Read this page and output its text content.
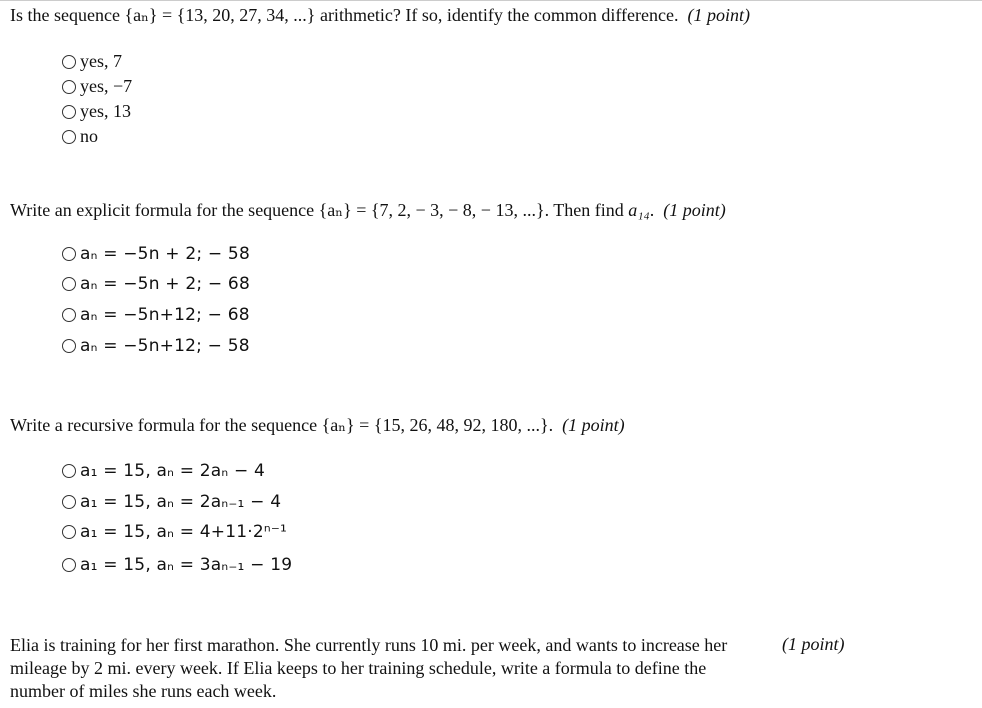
Is the sequence {aₙ} = {13, 20, 27, 34, ...} arithmetic? If so, identify the common difference. (1 point)
yes, 7
yes, −7
yes, 13
no
Write an explicit formula for the sequence {aₙ} = {7, 2, − 3, − 8, − 13, ...}. Then find a₁₄. (1 point)
aₙ = −5n + 2; − 58
aₙ = −5n + 2; − 68
aₙ = −5n+12; − 68
aₙ = −5n+12; − 58
Write a recursive formula for the sequence {aₙ} = {15, 26, 48, 92, 180, ...}. (1 point)
a₁ = 15, aₙ = 2aₙ − 4
a₁ = 15, aₙ = 2aₙ₋₁ − 4
a₁ = 15, aₙ = 4+11·2ⁿ⁻¹
a₁ = 15, aₙ = 3aₙ₋₁ − 19
Elia is training for her first marathon. She currently runs 10 mi. per week, and wants to increase her mileage by 2 mi. every week. If Elia keeps to her training schedule, write a formula to define the number of miles she runs each week.
(1 point)
